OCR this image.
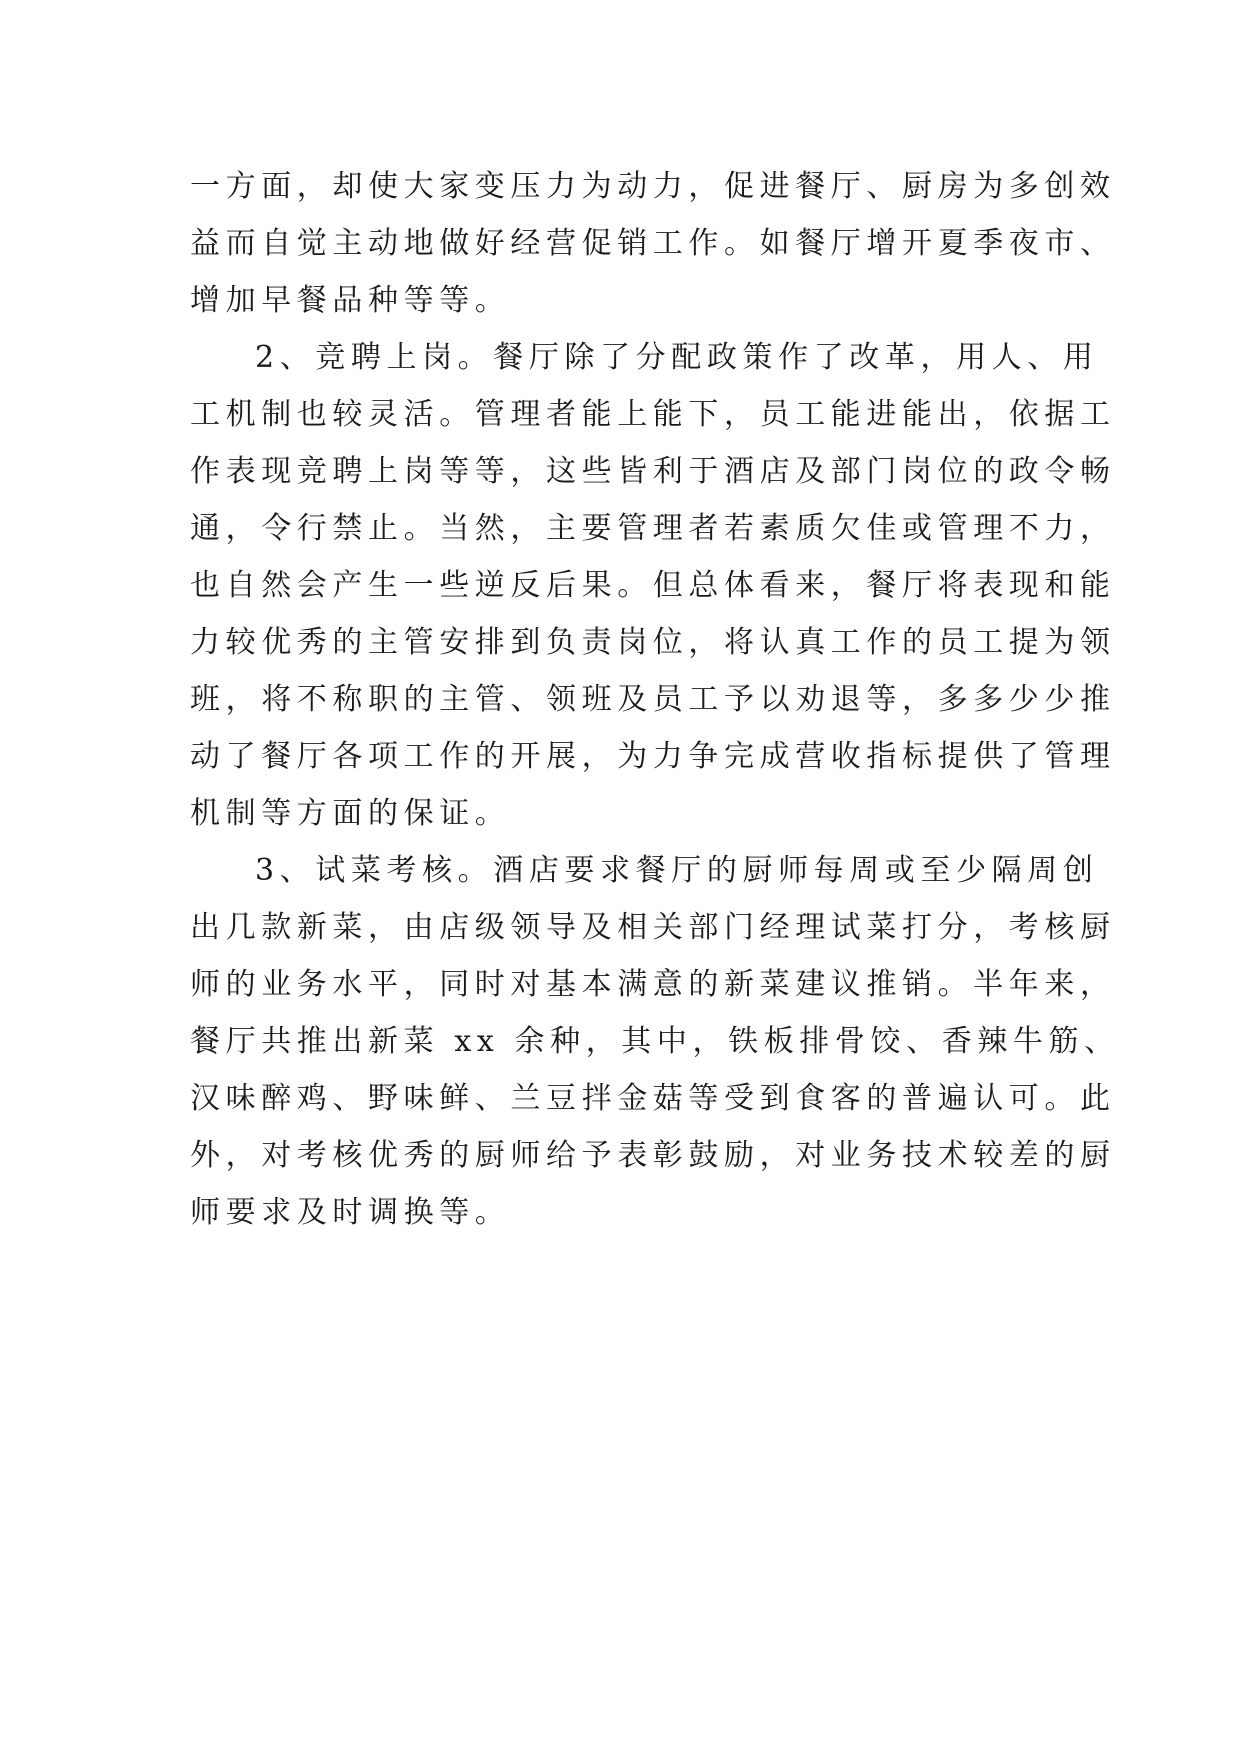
一方面，却使大家变压力为动力，促进餐厅、厨房为多创效
益而自觉主动地做好经营促销工作。如餐厅增开夏季夜市、
增加早餐品种等等。
2、竞聘上岗。餐厅除了分配政策作了改革，用人、用
工机制也较灵活。管理者能上能下，员工能进能出，依据工
作表现竞聘上岗等等，这些皆利于酒店及部门岗位的政令畅
通，令行禁止。当然，主要管理者若素质欠佳或管理不力，
也自然会产生一些逆反后果。但总体看来，餐厅将表现和能
力较优秀的主管安排到负责岗位，将认真工作的员工提为领
班，将不称职的主管、领班及员工予以劝退等，多多少少推
动了餐厅各项工作的开展，为力争完成营收指标提供了管理
机制等方面的保证。
3、试菜考核。酒店要求餐厅的厨师每周或至少隔周创
出几款新菜，由店级领导及相关部门经理试菜打分，考核厨
师的业务水平，同时对基本满意的新菜建议推销。半年来，
餐厅共推出新菜 xx 余种，其中，铁板排骨饺、香辣牛筋、
汉味醉鸡、野味鲜、兰豆拌金菇等受到食客的普遍认可。此
外，对考核优秀的厨师给予表彰鼓励，对业务技术较差的厨
师要求及时调换等。
